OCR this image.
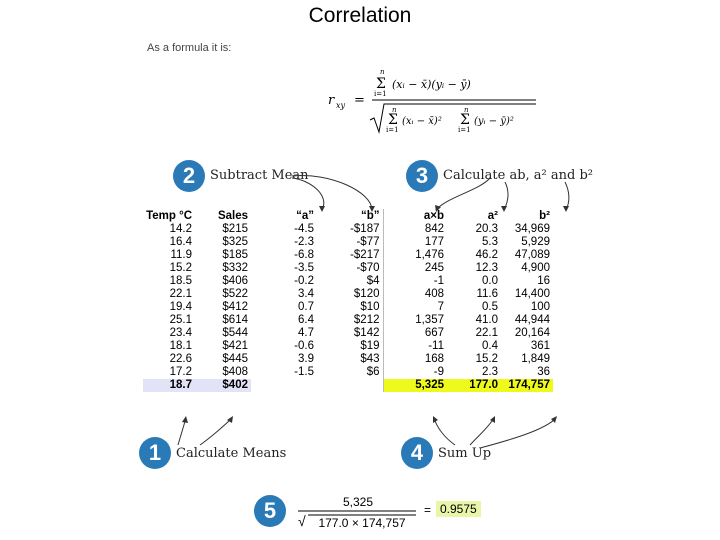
Correlation
As a formula it is:
r xy =
n
Σ
i=1
(xᵢ − x̄)(yᵢ − ȳ)
n
Σ
i=1
(xᵢ − x̄)²
n
Σ
i=1
(yᵢ − ȳ)²
2	Subtract Mean	3	Calculate ab, a² and b²
1	Calculate Means	4	Sum Up
5
Temp °C	Sales	“a”	“b”	a×b	a²	b²
14.2	$215	-4.5	-$187	842	20.3	34,969
16.4	$325	-2.3	-$77	177	5.3	5,929
11.9	$185	-6.8	-$217	1,476	46.2	47,089
15.2	$332	-3.5	-$70	245	12.3	4,900
18.5	$406	-0.2	$4	-1	0.0	16
22.1	$522	3.4	$120	408	11.6	14,400
19.4	$412	0.7	$10	7	0.5	100
25.1	$614	6.4	$212	1,357	41.0	44,944
23.4	$544	4.7	$142	667	22.1	20,164
18.1	$421	-0.6	$19	-11	0.4	361
22.6	$445	3.9	$43	168	15.2	1,849
17.2	$408	-1.5	$6	-9	2.3	36
18.7	$402			5,325	177.0	174,757
5,325
√ 177.0 × 174,757
= 0.9575
